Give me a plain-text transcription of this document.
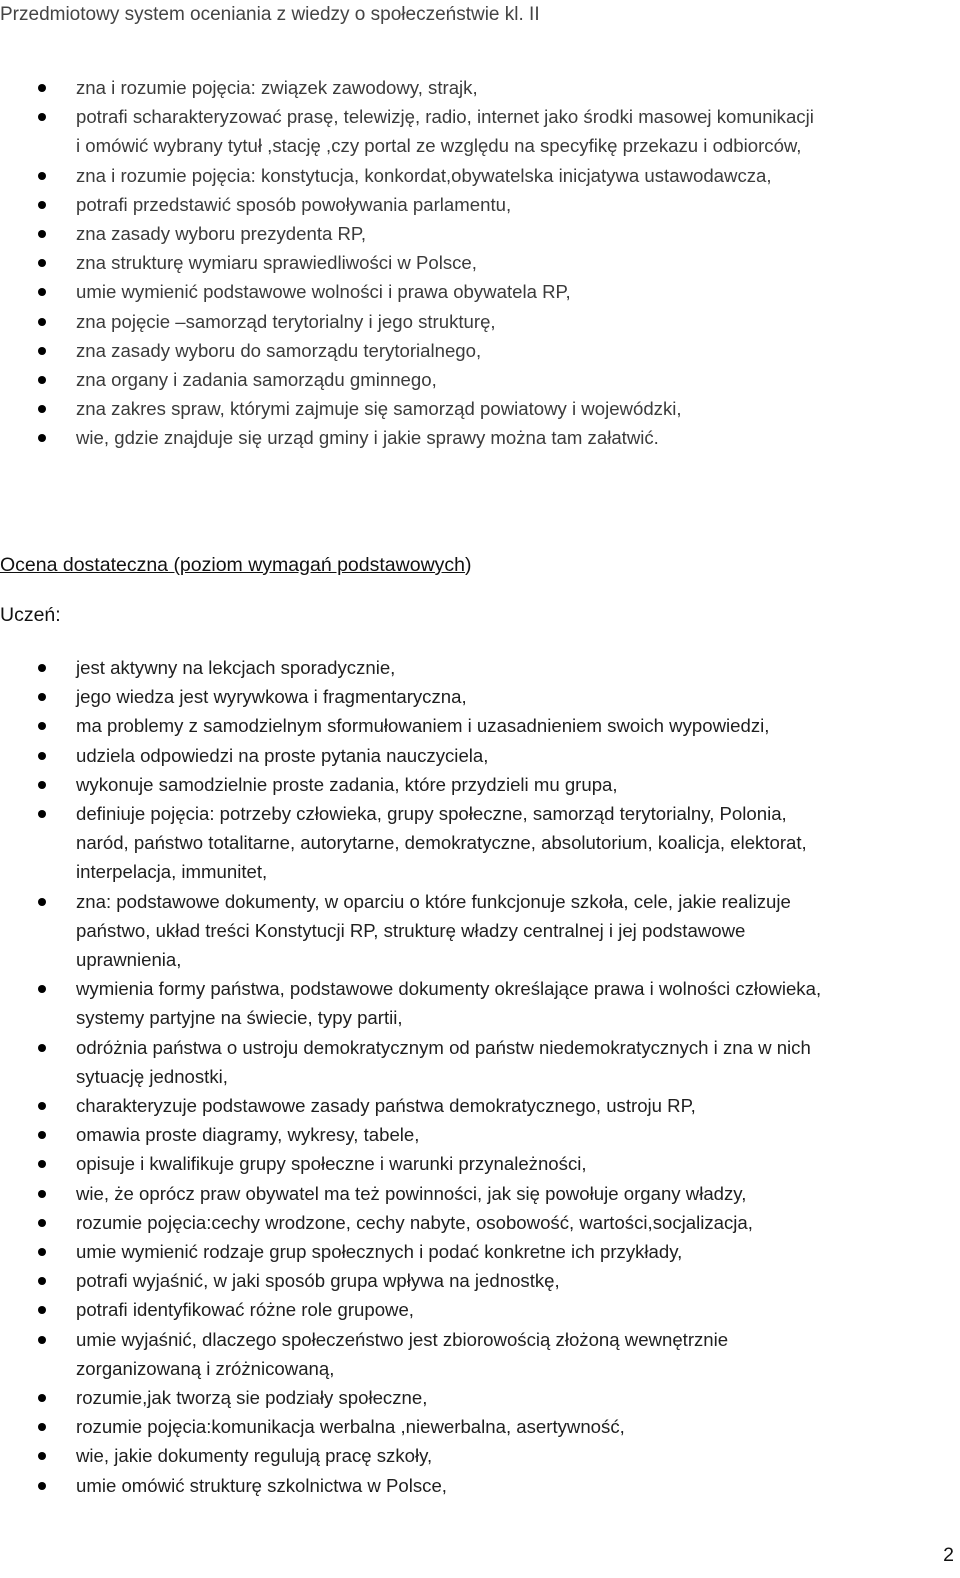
Przedmiotowy system oceniania z wiedzy o społeczeństwie kl. II
zna i rozumie pojęcia: związek zawodowy, strajk,
potrafi scharakteryzować prasę, telewizję, radio, internet jako środki masowej komunikacji
i omówić wybrany tytuł ,stację ,czy portal ze względu na specyfikę przekazu i odbiorców,
zna i rozumie pojęcia: konstytucja, konkordat,obywatelska inicjatywa ustawodawcza,
potrafi przedstawić sposób powoływania parlamentu,
zna zasady wyboru prezydenta RP,
zna strukturę wymiaru sprawiedliwości w Polsce,
umie wymienić podstawowe wolności i prawa obywatela RP,
zna pojęcie –samorząd terytorialny i jego strukturę,
zna zasady wyboru do samorządu terytorialnego,
zna organy i zadania samorządu gminnego,
zna zakres spraw, którymi zajmuje się samorząd powiatowy i wojewódzki,
wie, gdzie znajduje się urząd gminy i jakie sprawy można tam załatwić.
Ocena dostateczna (poziom wymagań podstawowych)
Uczeń:
jest aktywny na lekcjach sporadycznie,
jego wiedza jest wyrywkowa i fragmentaryczna,
ma problemy z samodzielnym sformułowaniem i uzasadnieniem swoich wypowiedzi,
udziela odpowiedzi na proste pytania nauczyciela,
wykonuje samodzielnie proste zadania, które przydzieli mu grupa,
definiuje pojęcia: potrzeby człowieka, grupy społeczne, samorząd terytorialny, Polonia,
naród, państwo totalitarne, autorytarne, demokratyczne, absolutorium, koalicja, elektorat,
interpelacja, immunitet,
zna: podstawowe dokumenty, w oparciu o które funkcjonuje szkoła, cele, jakie realizuje
państwo, układ treści Konstytucji RP, strukturę władzy centralnej i jej podstawowe
uprawnienia,
wymienia formy państwa, podstawowe dokumenty określające prawa i wolności człowieka,
systemy partyjne na świecie, typy partii,
odróżnia państwa o ustroju demokratycznym od państw niedemokratycznych i zna w nich
sytuację jednostki,
charakteryzuje podstawowe zasady państwa demokratycznego, ustroju RP,
omawia proste diagramy, wykresy, tabele,
opisuje i kwalifikuje grupy społeczne i warunki przynależności,
wie, że oprócz praw obywatel ma też powinności, jak się powołuje organy władzy,
rozumie pojęcia:cechy wrodzone, cechy nabyte, osobowość, wartości,socjalizacja,
umie wymienić rodzaje grup społecznych i podać konkretne ich przykłady,
potrafi wyjaśnić, w jaki sposób grupa wpływa na jednostkę,
potrafi identyfikować różne role grupowe,
umie wyjaśnić, dlaczego społeczeństwo jest zbiorowością złożoną wewnętrznie
zorganizowaną i zróżnicowaną,
rozumie,jak tworzą sie podziały społeczne,
rozumie pojęcia:komunikacja werbalna ,niewerbalna, asertywność,
wie, jakie dokumenty regulują pracę szkoły,
umie omówić strukturę szkolnictwa w Polsce,
2
